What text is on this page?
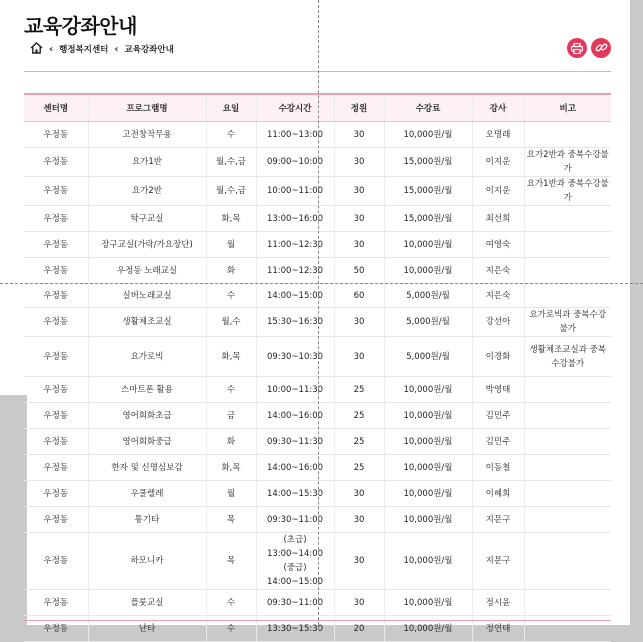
교육강좌안내
‹ 행정복지센터 ‹ 교육강좌안내
센터명	프로그램명	요일	수강시간	정원	수강료	강사	비고
우정동	고전창작무용	수	11:00~13:00	30	10,000원/월	오명래	
우정동	요가1반	월,수,금	09:00~10:00	30	15,000원/월	이지운	요가2반과 중복수강불가
우정동	요가2반	월,수,금	10:00~11:00	30	15,000원/월	이지운	요가1반과 중복수강불가
우정동	탁구교실	화,목	13:00~16:00	30	15,000원/월	최선희	
우정동	장구교실(가락/가요장단)	월	11:00~12:30	30	10,000원/월	여영숙	
우정동	우정동 노래교실	화	11:00~12:30	50	10,000원/월	지은숙	
우정동	실버노래교실	수	14:00~15:00	60	5,000원/월	지은숙	
우정동	생활체조교실	월,수	15:30~16:30	30	5,000원/월	강선아	요가로빅과 중복수강불가
우정동	요가로빅	화,목	09:30~10:30	30	5,000원/월	이경화	생활체조교실과 중복수강불가
우정동	스마트폰 활용	수	10:00~11:30	25	10,000원/월	박영태	
우정동	영어회화초급	금	14:00~16:00	25	10,000원/월	김민주	
우정동	영어회화중급	화	09:30~11:30	25	10,000원/월	김민주	
우정동	한자 및 신명심보감	화,목	14:00~16:00	25	10,000원/월	이동철	
우정동	우쿨렐레	월	14:00~15:30	30	10,000원/월	이혜희	
우정동	통기타	목	09:30~11:00	30	10,000원/월	지문구	
우정동	하모니카	목	(초급) 13:00~14:00
(중급) 14:00~15:00	30	10,000원/월	지문구	
우정동	플룻교실	수	09:30~11:00	30	10,000원/월	정시윤	
우정동	난타	수	13:30~15:30	20	10,000원/월	정연태	
